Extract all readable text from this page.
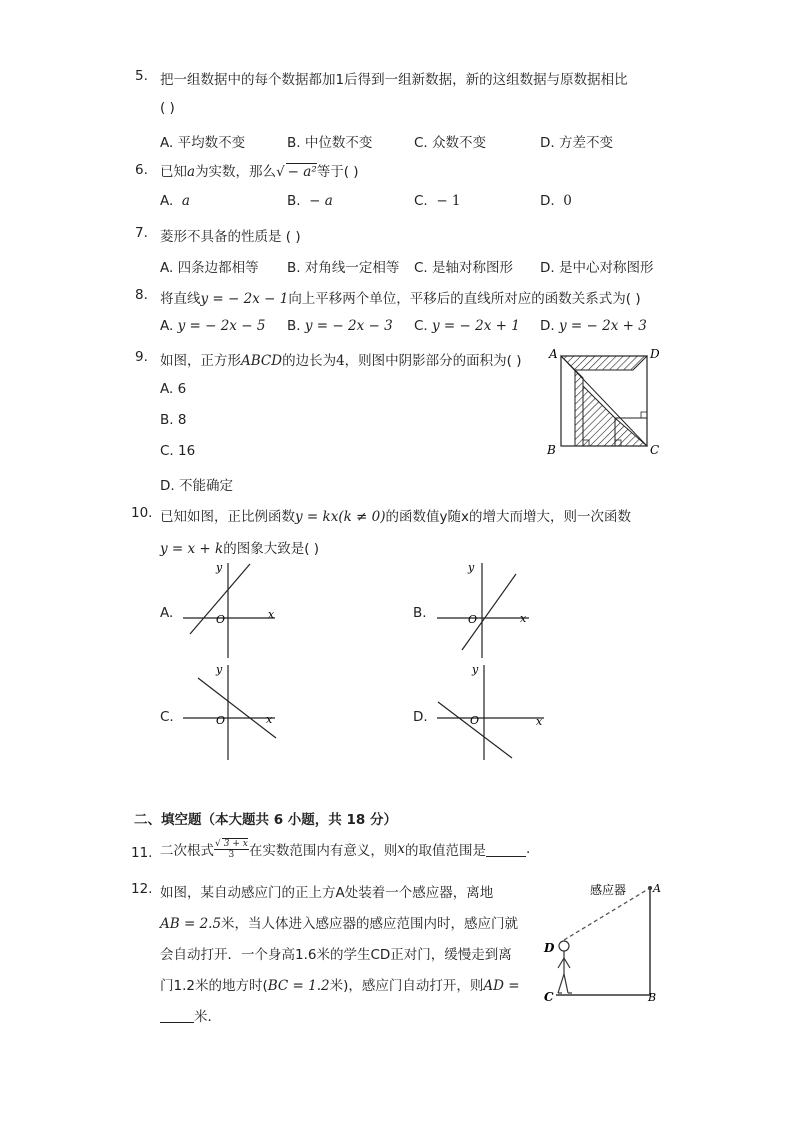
5. 把一组数据中的每个数据都加1后得到一组新数据，新的这组数据与原数据相比
( )
A. 平均数不变	B. 中位数不变	C. 众数不变	D. 方差不变
6. 已知a为实数，那么√ − a²等于( )
A. a	B. − a	C. − 1	D. 0
7. 菱形不具备的性质是 ( )
A. 四条边都相等 B. 对角线一定相等 C. 是轴对称图形 D. 是中心对称图形
8. 将直线y = − 2x − 1向上平移两个单位，平移后的直线所对应的函数关系式为( )
A. y = − 2x − 5 B. y = − 2x − 3 C. y = − 2x + 1 D. y = − 2x + 3
9. 如图，正方形ABCD的边长为4，则图中阴影部分的面积为( )
A. 6
B. 8
C. 16
D. 不能确定
A	D
B	C
10. 已知如图，正比例函数y = kx(k ≠ 0)的函数值y随x的增大而增大，则一次函数
y = x + k的图象大致是( )
A.
y
x
O	B.
y
x
O
C.
y
x
O	D.
y
x
O
二、填空题（本大题共 6 小题，共 18 分）
11. 二次根式 $\frac{√ 3 + x}{3}$ 在实数范围内有意义，则x的取值范围是	.
12. 如图，某自动感应门的正上方A处装着一个感应器，离地
AB = 2.5米，当人体进入感应器的感应范围内时，感应门就
会自动打开．一个身高1.6米的学生CD正对门，缓慢走到离
门1.2米的地方时(BC = 1.2米)，感应门自动打开，则AD =
米．
感应器 A
D
C	B
